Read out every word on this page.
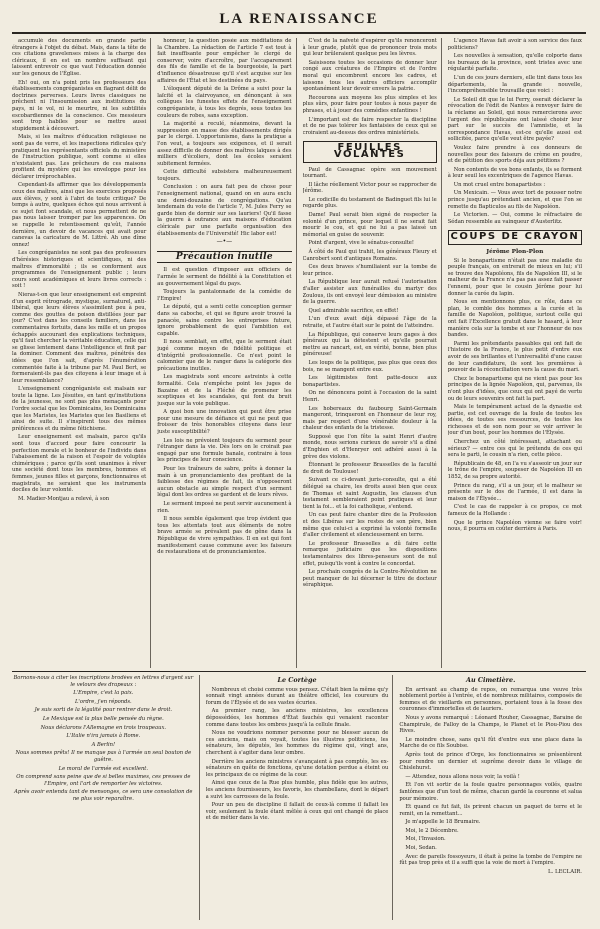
LA RENAISSANCE

accumulé des documents en grande partie étrangers à l'objet du débat. Mais, dans la tête de ces citations gravelenses mises à la charge des cléricaux, il en est un nombre suffisant qui laissent entrevoir ce que vaut l'éducation donnée sur les genoux de l'Église.

Eh! oui, on n'a point pris les professeurs des établissements congréganistes en flagrant délit de doctrines perverses. Leurs livres classiques ne prêchent ni l'insoumission aux institutions du pays, ni le vol, ni le meurtre, ni les subtilités escobardiennes de la conscience. Ces messieurs sont trop habiles pour se mettre aussi stupidement à découvert.

Mais, si les maîtres d'éducation religieuse ne sont pas de verre, et les inspections ridicules qu'y pratiquent les représentants officiels du ministère de l'instruction publique, sont comme si elles n'existaient pas. Les prêcheurs de ces maisons profitent du mystère qui les enveloppe pour les déclarer irréprochables.

Cependant-ils affirmer que les développements ceux des maîtres, ainsi que les exercices proposés aux élèves, y sont à l'abri de toute critique? De temps à autre, quelques échos qui nous arrivent à ce sujet font scandale, et nous permettent de ne pas nous laisser tromper par les apparences. On se rappelle le retentissement qu'eût, l'année dernière, un devoir de vacances qui avait pour canevas la caricature de M. Littré. Ah une dîme onnez!

Les congréganistes ne sont pas des professeurs d'hérésies historiques et scientifiques, ni des maîtres d'immoralité ; ils se conforment aux programmes de l'enseignement public ; leurs cours sont académiques et leurs livres corrects : soit !

Nieras-t-on que leur enseignement est empreint d'un esprit rétrograde, mystique, surnaturel, anti-libéral, que leurs élèves s'assimilent peu à peu, comme des gouttes de poison distillées jour par jour? C'est dans les conseils familiers, dans les commentaires fortuits, dans les mille et un propos échappés aucourant des explications techniques, qu'il faut chercher la véritable éducation, celle qui se glisse lentement dans l'intelligence et finit par la dominer. Comment des maîtres, pénétrés des idées que l'on sait, d'après l'énumération commentée faite à la tribune par M. Paul Bert, se formeraient-ils pas des citoyens à leur image et à leur ressemblance?

L'enseignement congréganiste est malsain sur toute la ligne. Les Jésuites, en tant qu'institutions de la jeunesse, ne sont pas plus menaçants pour l'ordre social que les Dominicains, les Dominicains que les Maristes, les Maristes que les Basiliens et ainsi de suite. Il s'inspirent tous des mêmes préférences et du même fétichisme.

Leur enseignement est malsain, parce qu'ils sont tous d'accord pour faire concourir la perfection morale et le bonheur de l'individu dans l'abaissement de la raison et l'espoir de voluptés chimériques ; parce qu'ils sont unanimes à rêver une société dont tous les membres, hommes et femmes, jeunes filles et garçons, fonctionnaires et magistrats, ne seraient que les instruments dociles de leur volonté.

M. Madier-Montjau a relevé, à son

honneur, la question posée aux méditations de la Chambre. La rédaction de l'article 7 est tout à fait insuffisante pour empêcher le clergé de conserver, voire d'accroître, par l'accaparement des fils de famille et de la bourgeoisie, la part d'influence désastreuse qu'il s'est acquise sur les affaires de l'État et les destinées du pays.

L'éloquent député de la Drôme a suivi pour la laïcité et la clairvoyance, en dénonçant à ses collègues les funestes effets de l'enseignement congréganiste, à tous les degrés, sous toutes les couleurs de robes, sans exception.

La majorité a reculé, néanmoins, devant la suppression en masse des établissements dirigés par le clergé. L'opportunisme, dans la pratique a l'on veut, a toujours ses exigences, et il serait assez difficile de donner des maîtres laïques à des milliers d'écoliers, dont les écoles seraient subitement fermées.

Cette difficulté subsistera malheureusement toujours.

Conclusion : on aura fait peu de chose pour l'enseignement national, quand on en aura exclu une demi-douzaine de congrégations. Qu'au lendemain du vote de l'article 7, M. Jules Ferry se garde bien de dormir sur ses lauriers! Qu'il fasse la guerre à outrance aux maisons d'éducation cléricale par une parfaite organisation des établissements de l'Université! Hic labor est!

—•—
Précaution inutile

Il est question d'imposer aux officiers de l'armée le serment de fidélité à la Constitution et au gouvernement légal du pays.

Toujours la pantalonnade de la comédie de l'Empire!

Le député, qui a senti cette conception germer dans sa caboche, et qui se figure avoir trouvé la panacée, saine contre les entreprises future, ignore probablement de quoi l'ambition est capable.

Il nous semblait, en effet, que le serment était jugé comme moyen de fidélité politique et d'intégrité professionnelle. Ce n'est point le calomnier que de le ranger dans la catégorie des précautions inutiles.

Les magistrats sont encore astreints à cette formalité. Cela n'empêche point les juges de Bazaine et de la Fléché de promener les sceptiques et les scandales, qui font du bruit jusque sur la voie publique.

A quoi bon une innovation qui peut être prise pour une mesure de défiance et qui ne peut que froisser de très honorables citoyens dans leur juste susceptibilité?

Les lois ne prévoient toujours du serment pour l'étranger dans la vie. Dès lors on le croirait pas engagé par une formule banale, contraire à tous les principes de leur conscience.

Pour les traîneurs de sabre, prêts à donner la main à un pronunciamiento des profitant de la faiblesse des régimes de fait, ils n'opposeront aucun obstacle au simple respect d'un serment légal dont les ordres se gardent et de leurs rêves.

Le serment imposé ne peut servir aucunement à rien.

Il nous semble également que trop évident que tous les attentats tout aux éléments de notre brave armée se prévalent pas de gêne dans la République de vivre sympathies. Il en est qui font manifestement cause commune avec les faiseurs de restaurations et de pronunciamientos.

C'est de la naïveté d'espérer qu'ils renonceront à leur grade, plutôt que de prononcer trois mots qui leur brûleraient quelque peu les lèvres.

Saisissons toutes les occasions de donner leur congé aux créatures de l'Empire et de l'ordre moral qui encombrent encore les cadres, et laissons tous les autres officiers accomplir spontanément leur devoir envers la patrie.

Recourons aux moyens les plus simples et les plus sûrs, pour faire pour toutes à nous payer de phrases, et à jouer des comédies enfantines !

L'important est de faire respecter la discipline et de ne pas tolérer les fantaisies de ceux qui se croiraient au-dessus des ordres ministériels.

FEUILLES VOLANTES

Paul de Cassagnac opère son mouvement tournant.

Il lâche réellement Victor pour se rapprocher de Jérôme.

Le codicille du testament de Badinguet fils lui le regarde plus.

Dame! Paul serait bien signé de respecter la volonté d'un prince, pour lequel il ne serait fait mourir le cou, et qui ne lui a pas laissé un mémorial en guise de souvenir.

Point d'argent, vive le sénatus-consulte!

À côté de Paul qui trahit, les généraux Fleury et Canrobert sont d'antiques Romains.

Ces deux braves s'humiliaient sur la tombe de leur prince.

La République leur aurait refusé l'autorisation d'aller assister aux funérailles du martyr des Zoulous, ils ont envoyé leur démission au ministre de la guerre.

Quel admirable sacrifice, en effet!

L'un d'eux avait déjà dépassé l'âge de la retraite, et l'autre était sur le point de l'atteindre.

La République, qui conserve leurs gages à des généraux qui la détestent et qu'elle pourrait mettre au rancart, est, en vérité, bonne, bien plus généreuse!

Les loups de la politique, pas plus que ceux des bois, ne se mangent entre eux.

Les légitimistes font patte-douce aux bonapartistes.

On ne dénoncera point à l'occasion de la saint Henri.

Les hobereaux du faubourg Saint-Germain mangeront, trinqueront en l'honneur de leur roy, mais par respect d'une vénérable douleur à la chaleur des enfants de la tristesse.

Supposé que l'on fête la saint Henri d'autre monde, nous serions curieux de savoir s'il a dîné d'Enghien et d'Henryer ont adhéré aussi à la grève des violons.

Étonnant le professeur Brasselles de la faculté de droit de Toulouse!

Suivant ce ci-devant juris-consulte, qui a été délégué sa chaire, les droits aussi bien que ceux de Thomas et saint Augustin, les clauses d'un testament sembleraient point pratiques et leur tient la foi... et la foi catholique, s'entend.

Un cas peut faire chanter dire de la Profession et des Libéras sur les restes de son père, bien même que celui-ci a exprimé la volonté formelle d'aller civilement et silencieusement en terre.

Le professeur Brasselles a dû faire cette remarque judiciaire que les dispositions testamentaires des libres-penseurs sont de nul effet, puisqu'ils vont à contre le concordat.

Le prochain congrès de la Contre-Révolution ne peut manquer de lui décerner le titre de docteur séraphique.

L'agence Havas fait avoir à son service des faux politiciens?

Les nouvelles à sensation, qu'elle colporte dans les bureaux de la province, sont tristes avec une régularité parfaite.

L'un de ces jours derniers, elle tint dans tous les départements, la grande nouvelle, l'incompréhensible trouvaille que voici :

Le Soleil dit que le lui Ferry, oserait déclarer la révocation de l'édit de Nantes à renvoyer faire de la réclame au Soleil, qui nous remercierons avec l'argent des républicains ont laissé choisir leur part sur le succès de l'amnistie, et la correspondance Havas, est-ce qu'elle aussi est sollicitée, parce qu'elle veut être payée?

Voulez faire prendre à ces donneurs de nouvelles pour des faiseurs de crème en poudre, et de pétition des sports déja aux pétitions ?

Non contents de vos bons enfants, ils se forment à leur seuil les excentriques de l'agence Havas.

Un mot cruel entre bonapartistes :

Un Mexicain. — Vous avez tort de pousser notre prince jusqu'au prétendant ancien, et que l'on se remette du Bapticulos au fils de Napoléon.

Le Victorien. — Oui, comme le réfractaire de Sédan ressemble au vainqueur d'Austerlitz.

COUPS DE CRAYON
Jérôme Plon-Plon

Si le bonapartisme n'était pas une maladie du peuple français, on entrerait de mieux en lui; s'il se trouve des Napoléons, fils de Napoléon III, si le malheur de la France n'a pas pas assez fait passer l'ennemi, pour que le cousin Jérôme pour lui donner la curée du lapin.

Nous en mentionnons plus, ce rôle, dans ce plan, le comble des hommes a la curée et la famille de Napoléon, politique, surtout celle qui ont fait l'Excellence gratuit dans le hasard, à leur manière cela sur la tombe et sur l'honneur de nos bandes.

Parmi les prétendants passables qui ont fait de l'histoire de la France, le plus petit d'entre eux avoir de ses brillantes et l'universalité d'une cause de leur candidature, ils sont les premières à pouvoir de la réconciliation vers la cause du mari.

Chez le bonapartisme qui ne vient pas pour les principes de la lignée Napoléon, qui, parvenus, ils n'ont plus d'idées, que ceux qui ont payé de vertu ou de leurs souvenirs ont fait la part.

Mais le tempérament actuel de la dynastie est partie, est cet ouvrage de la foule de toutes les idées, de toutes ses ressources, de toutes les richesses et de son nom pour se voir arriver le jour d'un bout, pour les hommes de l'Élysée.

Cherchez un côté intéressant, attachant ou sérieux? — entre ces qui le prétendu de ces qui sera le parti, le cousin n'a rien, cette pièce.

Républicain de 48, en l'a vu s'asseoir un jour sur le trône de l'empire, soupeser de Napoléon III en 1852, de sa propre autorité.

Prince du rang, s'il a un jour, et le malheur se présente sur le dos de l'armée, il est dans la maison de l'Élysée...

C'est le cas de rappeler à ce propos, ce mot fameux de la Hollande :

Que le prince Napoléon vienne se faire voir! nous, il pourra en coûter derrière à Paris.

Bornons-nous à citer les inscriptions brodées en lettres d'argent sur le velours des drapeaux :

L'Empire, c'est la paix.

L'ordre, j'en réponds.

Je suis sorti de la légalité pour rentrer dans le droit.

Le Mexique est la plus belle pensée du règne.

Nous déclarons l'Allemagne en trois troupeaux.

L'Italie n'ira jamais à Rome.

A Berlin!

Nous sommes prêts! Il ne manque pas à l'armée un seul bouton de guêtre.

Le moral de l'armée est excellent.

On comprend sans peine que de si belles maximes, ces presses de l'Empire, ont l'art de remporter les victoires.

Après avoir entendu tant de mensonges, ce sera une consolation de ne plus voir reparaître.

Le Cortège

Nombreux et choisi comme vous pensez. C'était bien la même qu'y sonnait vingt années durant au théâtre officiel, les coureurs du forum de l'Élysée et de ses vastes écuries.

Au premier rang, les anciens ministres, les excellences dépossédées, les hommes d'État fauchés qui venaient raconter comme dans toutes les ombres jusqu'à la cellule finale.

Nous ne voudrions nommer personne pour ne blesser aucun de ces anciens, mais on voyait, toutes les illustres politiciens, les sénateurs, les députés, les hommes du régime qui, vingt ans, cherchent à s'agiter dans leur ombre.

Derrière les anciens ministres s'avançaient à pas comptés, les ex-sénateurs en quête de fonctions, qu'une dotation perdue a éteint ou les principaux de ce régime de la cour.

Ainsi que ceux de la Rue plus humble, plus fidèle que les autres, les anciens fournisseurs, les favoris, les chambellans, dont le départ a suivi les carrosses de la foule.

Pour un peu de discipline il fallait de ceux-là comme il fallait les voir, seulement la foule étant mêlée à ceux qui ont changé de place et de métier dans la vie.

Au Cimetière.

En arrivant au champ de repos, on remarqua une veuve très noblement portée à l'entrée, et de nombreux militaires, composés de femmes et de vieillards en personnes, portaient tous à la fosse des couronnes d'immortelles et de lauriers.

Nous y avons remarqué : Léonard Rouher, Cassagnac, Baraine de Champirule, de Falloy de la Champs, le Planet et le Piou-Piou des Rives.

Le moindre chose, sans qu'il fût d'entre eux une place dans la Marche de ce fils Soubise.

Après tout de prince d'Orge, les fonctionnaires se présentèrent pour rendre un dernier et suprême devoir dans le village de Chislehurst.

— Attendez, nous allons nous voir, la voilà !

Et l'on vit sortir de la foule quatre personnages voilés, quatre fantômes que d'un tout de même, chacun gardé la couronne et salua pour mémoire.

Et quand ce fut fait, ils prirent chacun un paquet de terre et le remit, en la remettant...

Je m'appelle le 18 Brumaire.

Moi, le 2 Décembre.

Moi, l'Invasion.

Moi, Sedan.

Avec de pareils fossoyeurs, il était à peine la tombe de l'empire ne fût pas trop près et il a suffi que la voie de mort à l'empire.

L. LECLAIR.
